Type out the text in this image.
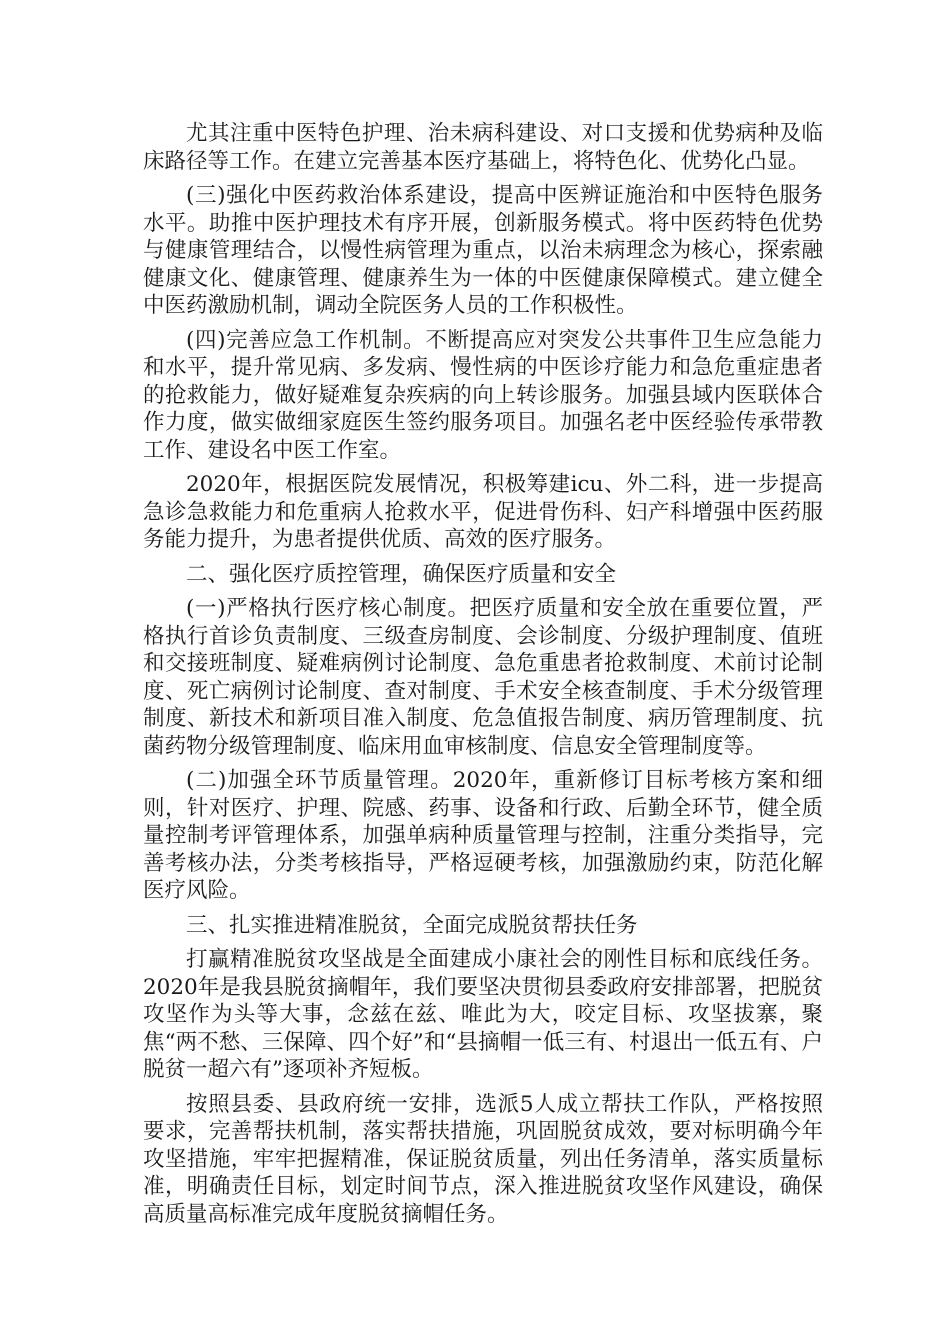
尤其注重中医特色护理、治未病科建设、对口支援和优势病种及临床路径等工作。在建立完善基本医疗基础上，将特色化、优势化凸显。

(三)强化中医药救治体系建设，提高中医辨证施治和中医特色服务水平。助推中医护理技术有序开展，创新服务模式。将中医药特色优势与健康管理结合，以慢性病管理为重点，以治未病理念为核心，探索融健康文化、健康管理、健康养生为一体的中医健康保障模式。建立健全中医药激励机制，调动全院医务人员的工作积极性。

(四)完善应急工作机制。不断提高应对突发公共事件卫生应急能力和水平，提升常见病、多发病、慢性病的中医诊疗能力和急危重症患者的抢救能力，做好疑难复杂疾病的向上转诊服务。加强县域内医联体合作力度，做实做细家庭医生签约服务项目。加强名老中医经验传承带教工作、建设名中医工作室。

2020年，根据医院发展情况，积极筹建icu、外二科，进一步提高急诊急救能力和危重病人抢救水平，促进骨伤科、妇产科增强中医药服务能力提升，为患者提供优质、高效的医疗服务。

二、强化医疗质控管理，确保医疗质量和安全

(一)严格执行医疗核心制度。把医疗质量和安全放在重要位置，严格执行首诊负责制度、三级查房制度、会诊制度、分级护理制度、值班和交接班制度、疑难病例讨论制度、急危重患者抢救制度、术前讨论制度、死亡病例讨论制度、查对制度、手术安全核查制度、手术分级管理制度、新技术和新项目准入制度、危急值报告制度、病历管理制度、抗菌药物分级管理制度、临床用血审核制度、信息安全管理制度等。

(二)加强全环节质量管理。2020年，重新修订目标考核方案和细则，针对医疗、护理、院感、药事、设备和行政、后勤全环节，健全质量控制考评管理体系，加强单病种质量管理与控制，注重分类指导，完善考核办法，分类考核指导，严格逗硬考核，加强激励约束，防范化解医疗风险。

三、扎实推进精准脱贫，全面完成脱贫帮扶任务

打赢精准脱贫攻坚战是全面建成小康社会的刚性目标和底线任务。2020年是我县脱贫摘帽年，我们要坚决贯彻县委政府安排部署，把脱贫攻坚作为头等大事，念兹在兹、唯此为大，咬定目标、攻坚拔寨，聚焦“两不愁、三保障、四个好”和“县摘帽一低三有、村退出一低五有、户脱贫一超六有”逐项补齐短板。

按照县委、县政府统一安排，选派5人成立帮扶工作队，严格按照要求，完善帮扶机制，落实帮扶措施，巩固脱贫成效，要对标明确今年攻坚措施，牢牢把握精准，保证脱贫质量，列出任务清单，落实质量标准，明确责任目标，划定时间节点，深入推进脱贫攻坚作风建设，确保高质量高标准完成年度脱贫摘帽任务。
